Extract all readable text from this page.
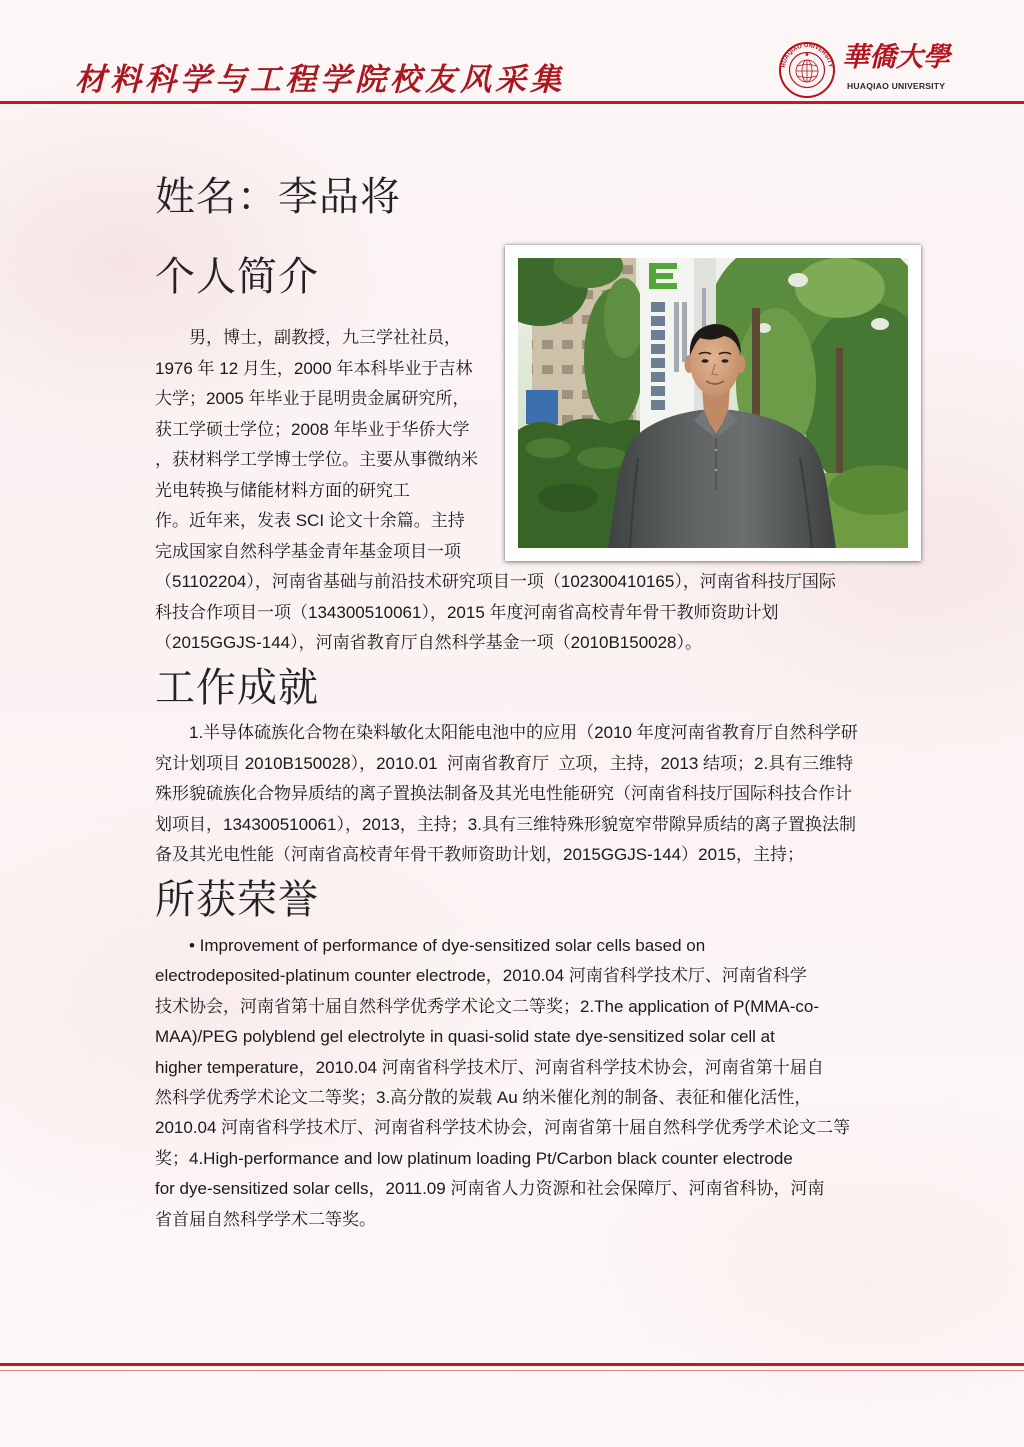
材料科学与工程学院校友风采集	HUAQIAO UNIVERSITY 華僑大學
HUAQIAO UNIVERSITY
姓名：李品将
个人简介
男，博士，副教授，九三学社社员，
1976 年 12 月生，2000 年本科毕业于吉林
大学；2005 年毕业于昆明贵金属研究所，
获工学硕士学位；2008 年毕业于华侨大学
，获材料学工学博士学位。主要从事微纳米
光电转换与储能材料方面的研究工
作。近年来，发表 SCI 论文十余篇。主持
完成国家自然科学基金青年基金项目一项
（51102204），河南省基础与前沿技术研究项目一项（102300410165），河南省科技厅国际
科技合作项目一项（134300510061），2015 年度河南省高校青年骨干教师资助计划
（2015GGJS-144），河南省教育厅自然科学基金一项（2010B150028）。
工作成就
1.半导体硫族化合物在染料敏化太阳能电池中的应用（2010 年度河南省教育厅自然科学研
究计划项目 2010B150028），2010.01  河南省教育厅  立项，主持，2013 结项；2.具有三维特
殊形貌硫族化合物异质结的离子置换法制备及其光电性能研究（河南省科技厅国际科技合作计
划项目，134300510061），2013，主持；3.具有三维特殊形貌宽窄带隙异质结的离子置换法制
备及其光电性能（河南省高校青年骨干教师资助计划，2015GGJS-144）2015，主持；
所获荣誉
• Improvement of performance of dye-sensitized solar cells based on
electrodeposited-platinum counter electrode，2010.04 河南省科学技术厅、河南省科学
技术协会，河南省第十届自然科学优秀学术论文二等奖；2.The application of P(MMA-co-
MAA)/PEG polyblend gel electrolyte in quasi-solid state dye-sensitized solar cell at
higher temperature，2010.04 河南省科学技术厅、河南省科学技术协会，河南省第十届自
然科学优秀学术论文二等奖；3.高分散的炭载 Au 纳米催化剂的制备、表征和催化活性，
2010.04 河南省科学技术厅、河南省科学技术协会，河南省第十届自然科学优秀学术论文二等
奖；4.High-performance and low platinum loading Pt/Carbon black counter electrode
for dye-sensitized solar cells，2011.09 河南省人力资源和社会保障厅、河南省科协，河南
省首届自然科学学术二等奖。
